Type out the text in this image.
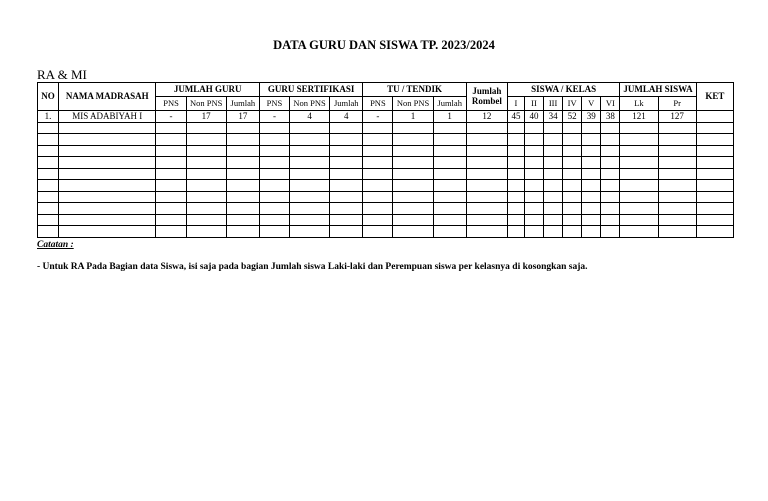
DATA GURU DAN SISWA TP. 2023/2024
RA & MI
NO	NAMA MADRASAH	JUMLAH GURU			GURU SERTIFIKASI			TU / TENDIK			Jumlah Rombel	SISWA / KELAS						JUMLAH SISWA		KET
		PNS	Non PNS	Jumlah	PNS	Non PNS	Jumlah	PNS	Non PNS	Jumlah		I	II	III	IV	V	VI	Lk	Pr	
1.	MIS ADABIYAH I	-	17	17	-	4	4	-	1	1	12	45	40	34	52	39	38	121	127	

Catatan :
- Untuk RA Pada Bagian data Siswa, isi saja pada bagian Jumlah siswa Laki-laki dan Perempuan siswa per kelasnya di kosongkan saja.
